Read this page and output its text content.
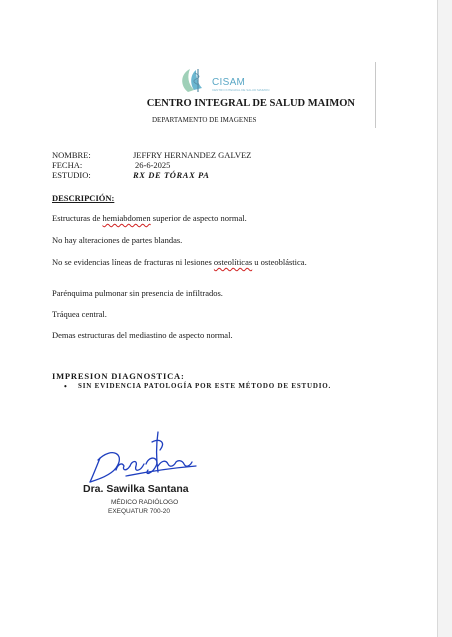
CISAM
CENTRO INTEGRAL DE SALUD MAIMON
CENTRO INTEGRAL DE SALUD MAIMON
DEPARTAMENTO DE IMAGENES
NOMBRE:	JEFFRY HERNANDEZ GALVEZ
FECHA:	26-6-2025
ESTUDIO:	RX DE TÓRAX PA
DESCRIPCIÓN:
Estructuras de hemiabdomen superior de aspecto normal.
No hay alteraciones de partes blandas.
No se evidencias líneas de fracturas ni lesiones osteolíticas u osteoblástica.
Parénquima pulmonar sin presencia de infiltrados.
Tráquea central.
Demas estructuras del mediastino de aspecto normal.
IMPRESION DIAGNOSTICA:
• SIN EVIDENCIA PATOLOGÍA POR ESTE MÉTODO DE ESTUDIO.
Dra. Sawilka Santana
MÉDICO RADIÓLOGO
EXEQUATUR 700-20
